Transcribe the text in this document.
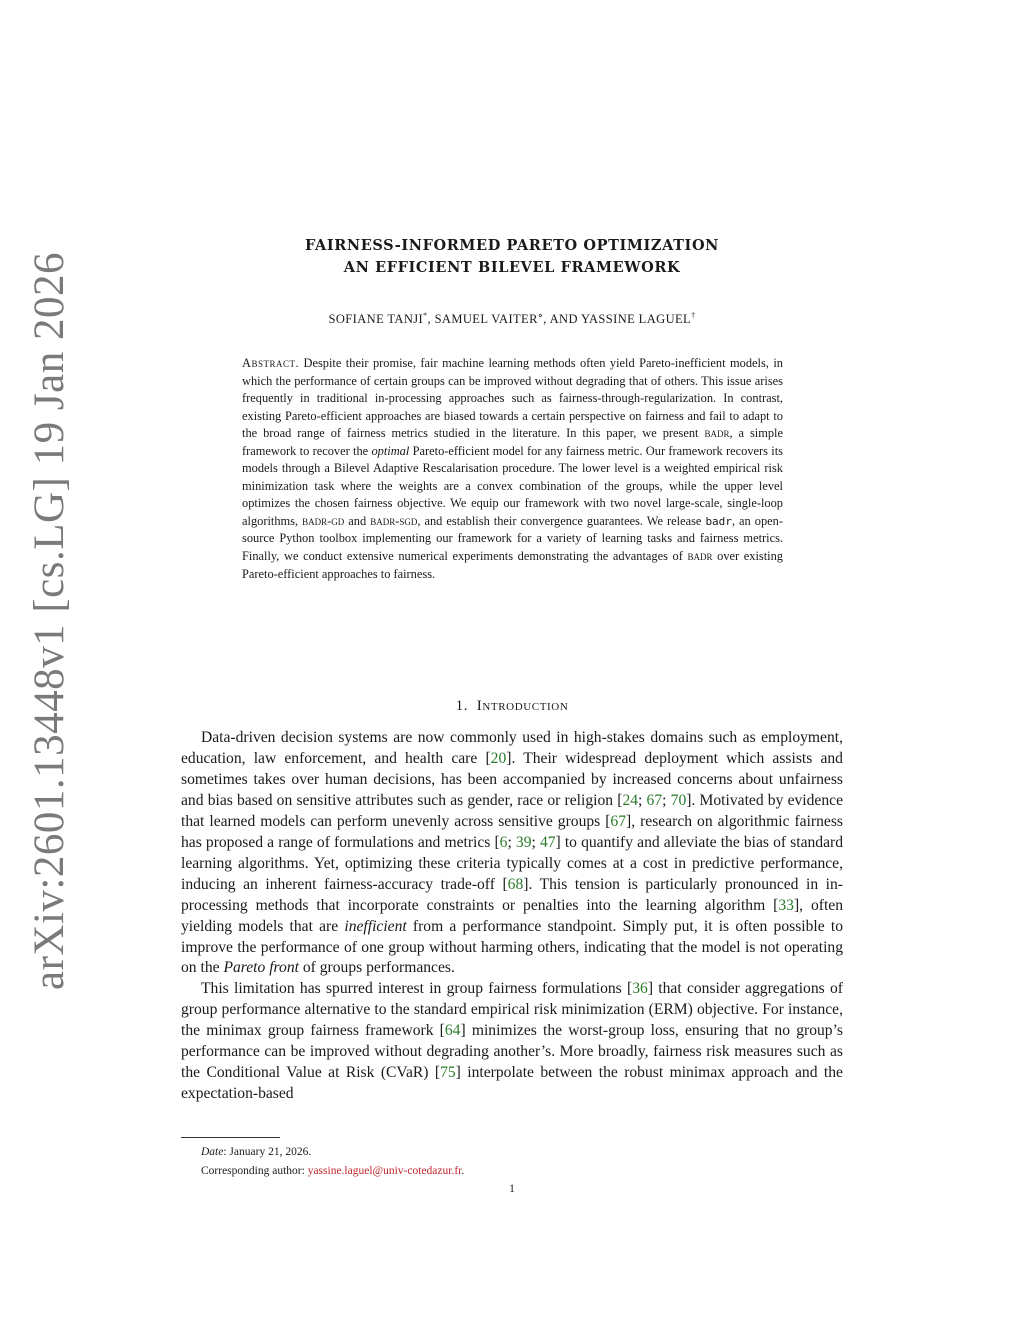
arXiv:2601.13448v1 [cs.LG] 19 Jan 2026
FAIRNESS-INFORMED PARETO OPTIMIZATION
AN EFFICIENT BILEVEL FRAMEWORK
SOFIANE TANJI*, SAMUEL VAITER⋄, AND YASSINE LAGUEL†
Abstract. Despite their promise, fair machine learning methods often yield Pareto-inefficient models, in which the performance of certain groups can be improved without degrading that of others. This issue arises frequently in traditional in-processing approaches such as fairness-through-regularization. In contrast, existing Pareto-efficient approaches are biased towards a certain perspective on fairness and fail to adapt to the broad range of fairness metrics studied in the literature. In this paper, we present badr, a simple framework to recover the optimal Pareto-efficient model for any fairness metric. Our framework recovers its models through a Bilevel Adaptive Rescalarisation procedure. The lower level is a weighted empirical risk minimization task where the weights are a convex combination of the groups, while the upper level optimizes the chosen fairness objective. We equip our framework with two novel large-scale, single-loop algorithms, badr-gd and badr-sgd, and establish their convergence guarantees. We release badr, an open-source Python toolbox implementing our framework for a variety of learning tasks and fairness metrics. Finally, we conduct extensive numerical experiments demonstrating the advantages of badr over existing Pareto-efficient approaches to fairness.
1. Introduction

Data-driven decision systems are now commonly used in high-stakes domains such as employment, education, law enforcement, and health care [20]. Their widespread deployment which assists and sometimes takes over human decisions, has been accompanied by increased concerns about unfairness and bias based on sensitive attributes such as gender, race or religion [24; 67; 70]. Motivated by evidence that learned models can perform unevenly across sensitive groups [67], research on algorithmic fairness has proposed a range of formulations and metrics [6; 39; 47] to quantify and alleviate the bias of standard learning algorithms. Yet, optimizing these criteria typically comes at a cost in predictive performance, inducing an inherent fairness-accuracy trade-off [68]. This tension is particularly pronounced in in-processing methods that incorporate constraints or penalties into the learning algorithm [33], often yielding models that are inefficient from a performance standpoint. Simply put, it is often possible to improve the performance of one group without harming others, indicating that the model is not operating on the Pareto front of groups performances.

This limitation has spurred interest in group fairness formulations [36] that consider aggregations of group performance alternative to the standard empirical risk minimization (ERM) objective. For instance, the minimax group fairness framework [64] minimizes the worst-group loss, ensuring that no group’s performance can be improved without degrading another’s. More broadly, fairness risk measures such as the Conditional Value at Risk (CVaR) [75] interpolate between the robust minimax approach and the expectation-based

Date: January 21, 2026.
Corresponding author: yassine.laguel@univ-cotedazur.fr.
1
